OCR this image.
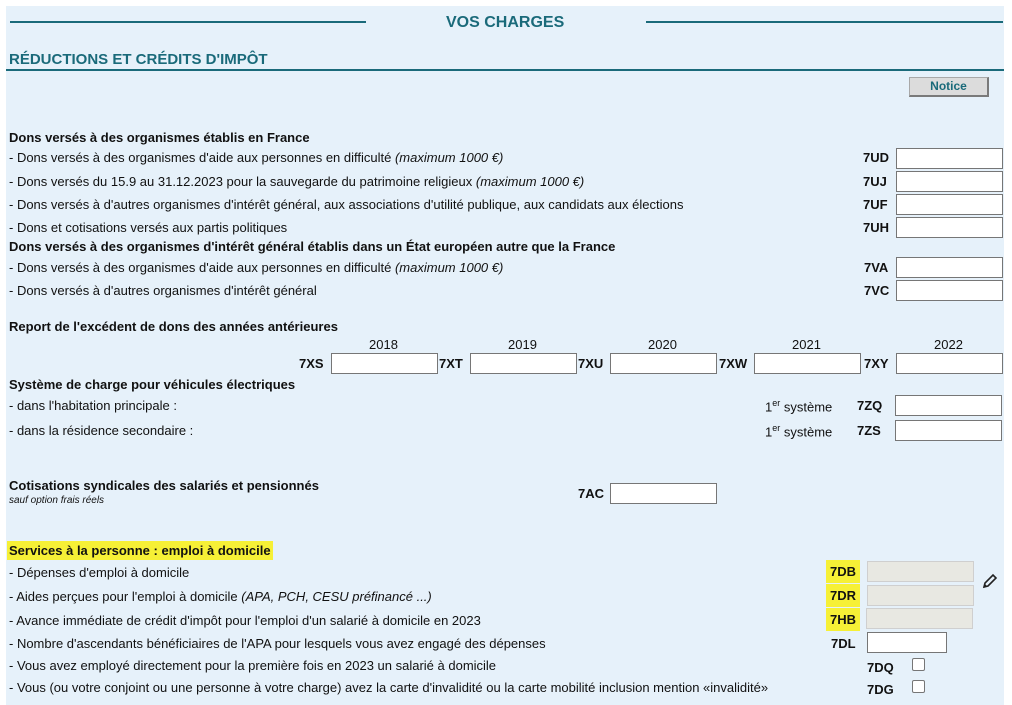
VOS CHARGES
RÉDUCTIONS ET CRÉDITS D'IMPÔT
Notice
Dons versés à des organismes établis en France
- Dons versés à des organismes d'aide aux personnes en difficulté (maximum 1000 €)	7UD
- Dons versés du 15.9 au 31.12.2023 pour la sauvegarde du patrimoine religieux (maximum 1000 €)	7UJ
- Dons versés à d'autres organismes d'intérêt général, aux associations d'utilité publique, aux candidats aux élections	7UF
- Dons et cotisations versés aux partis politiques	7UH
Dons versés à des organismes d'intérêt général établis dans un État européen autre que la France
- Dons versés à des organismes d'aide aux personnes en difficulté (maximum 1000 €)	7VA
- Dons versés à d'autres organismes d'intérêt général	7VC
Report de l'excédent de dons des années antérieures
2018	2019	2020	2021	2022
7XS	7XT	7XU	7XW	7XY
Système de charge pour véhicules électriques
- dans l'habitation principale :	1er système 7ZQ
- dans la résidence secondaire :	1er système 7ZS
Cotisations syndicales des salariés et pensionnés
sauf option frais réels	7AC
Services à la personne : emploi à domicile
- Dépenses d'emploi à domicile	7DB
- Aides perçues pour l'emploi à domicile (APA, PCH, CESU préfinancé ...)	7DR
- Avance immédiate de crédit d'impôt pour l'emploi d'un salarié à domicile en 2023	7HB
- Nombre d'ascendants bénéficiaires de l'APA pour lesquels vous avez engagé des dépenses	7DL
- Vous avez employé directement pour la première fois en 2023 un salarié à domicile	7DQ
- Vous (ou votre conjoint ou une personne à votre charge) avez la carte d'invalidité ou la carte mobilité inclusion mention «invalidité»	7DG
